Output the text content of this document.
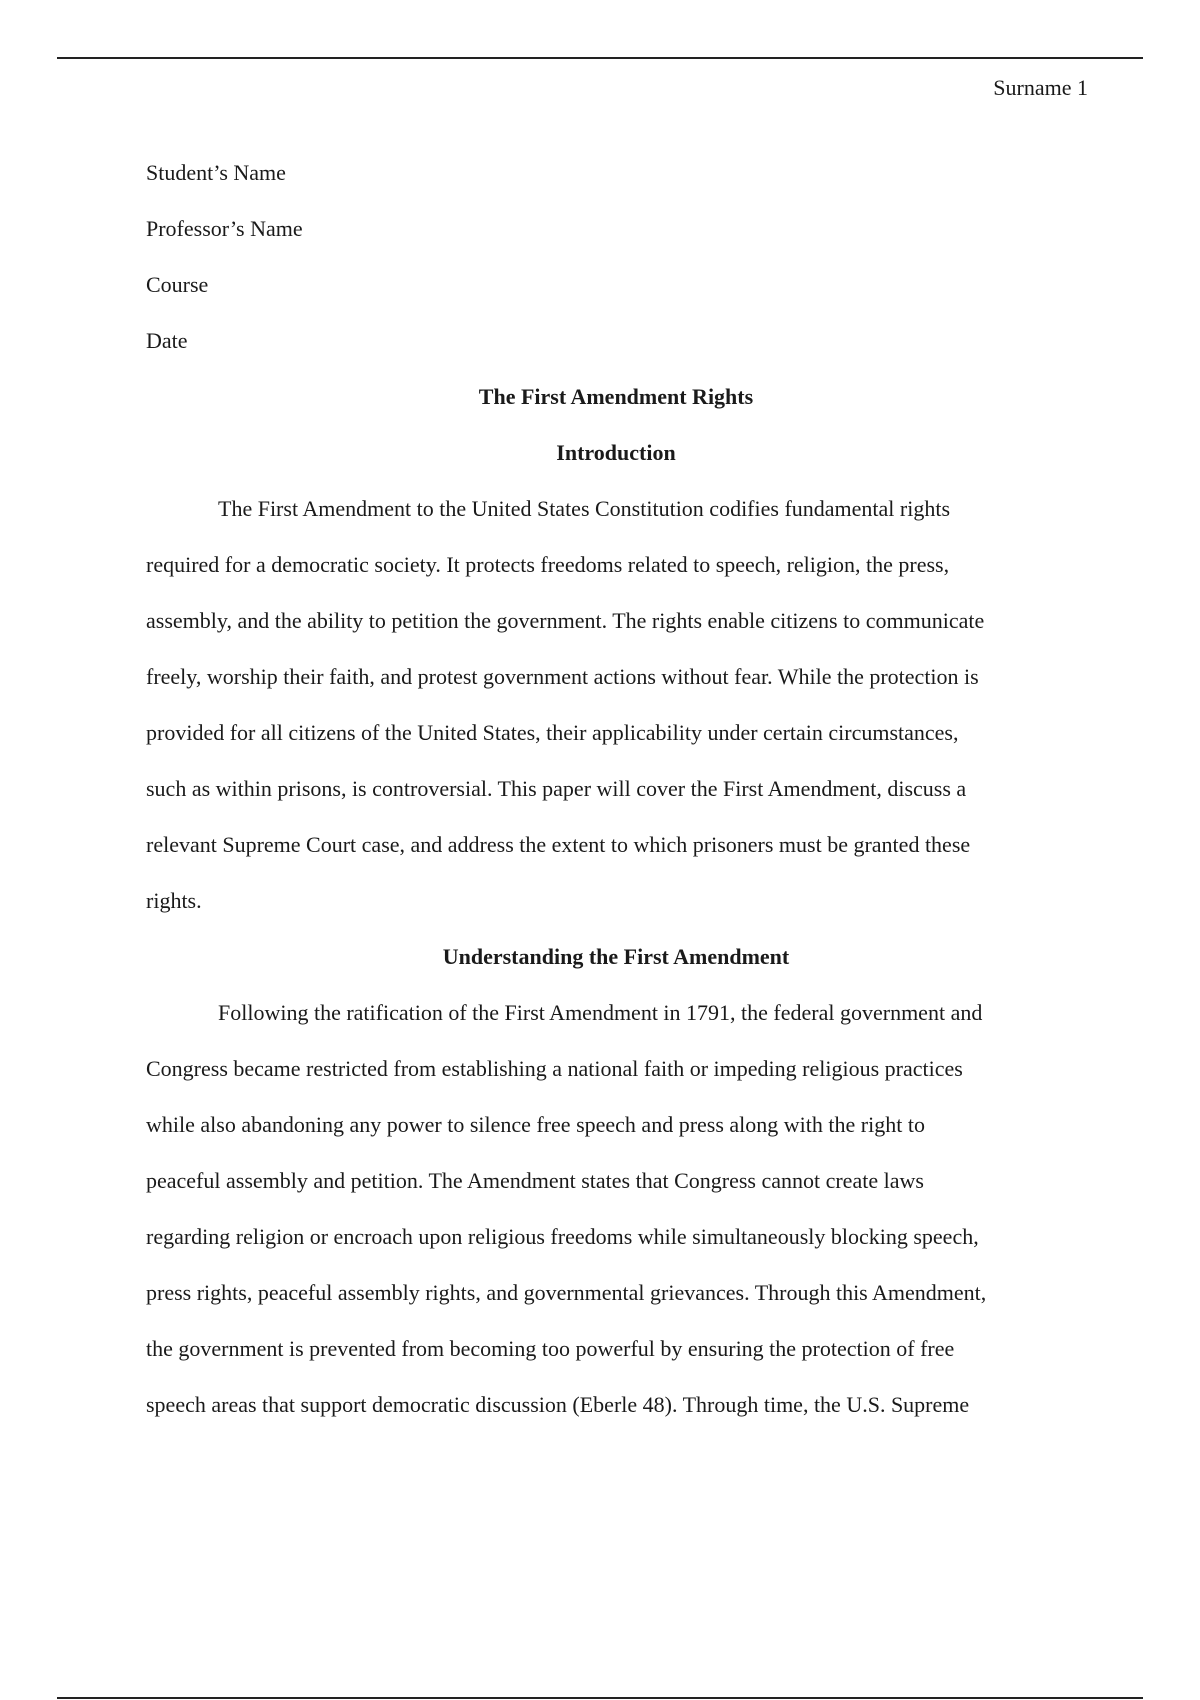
Surname 1
Student’s Name
Professor’s Name
Course
Date
The First Amendment Rights
Introduction

The First Amendment to the United States Constitution codifies fundamental rights
required for a democratic society. It protects freedoms related to speech, religion, the press,
assembly, and the ability to petition the government. The rights enable citizens to communicate
freely, worship their faith, and protest government actions without fear. While the protection is
provided for all citizens of the United States, their applicability under certain circumstances,
such as within prisons, is controversial. This paper will cover the First Amendment, discuss a
relevant Supreme Court case, and address the extent to which prisoners must be granted these
rights.

Understanding the First Amendment

Following the ratification of the First Amendment in 1791, the federal government and
Congress became restricted from establishing a national faith or impeding religious practices
while also abandoning any power to silence free speech and press along with the right to
peaceful assembly and petition. The Amendment states that Congress cannot create laws
regarding religion or encroach upon religious freedoms while simultaneously blocking speech,
press rights, peaceful assembly rights, and governmental grievances. Through this Amendment,
the government is prevented from becoming too powerful by ensuring the protection of free
speech areas that support democratic discussion (Eberle 48). Through time, the U.S. Supreme
